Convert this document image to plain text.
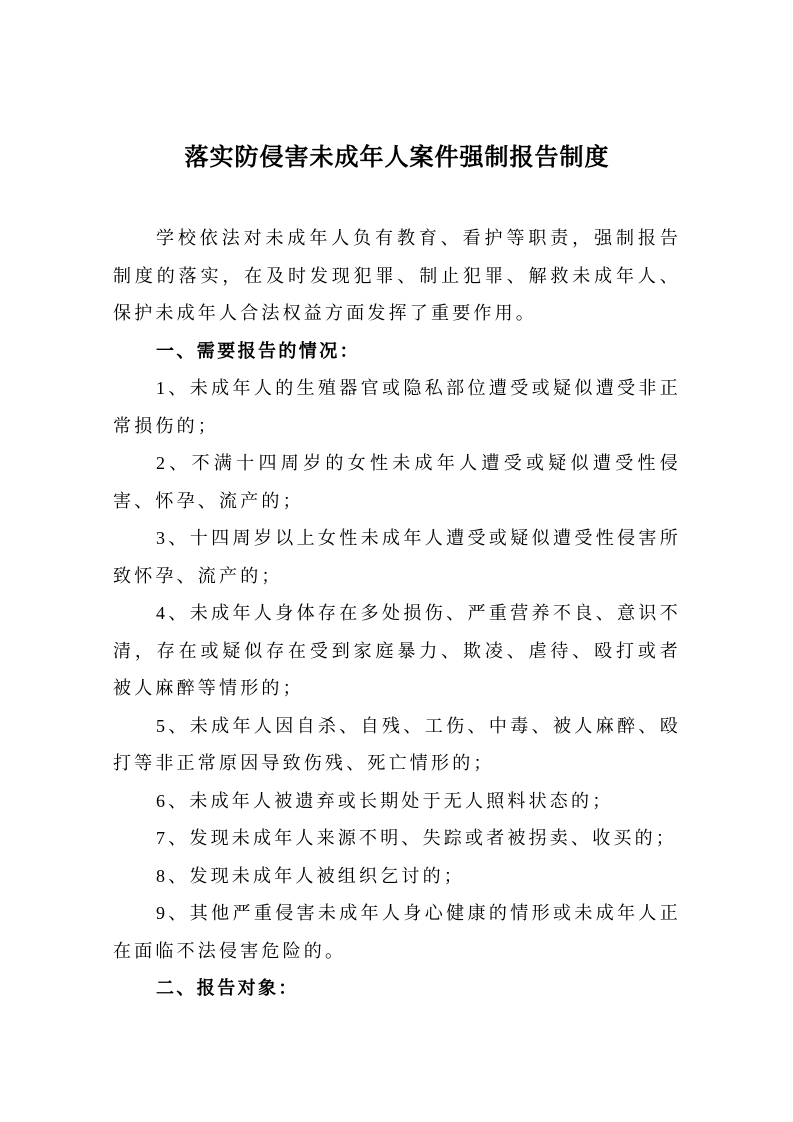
落实防侵害未成年人案件强制报告制度

学校依法对未成年人负有教育、看护等职责，强制报告制度的落实，在及时发现犯罪、制止犯罪、解救未成年人、保护未成年人合法权益方面发挥了重要作用。

一、需要报告的情况：

1、未成年人的生殖器官或隐私部位遭受或疑似遭受非正常损伤的；

2、不满十四周岁的女性未成年人遭受或疑似遭受性侵害、怀孕、流产的；

3、十四周岁以上女性未成年人遭受或疑似遭受性侵害所致怀孕、流产的；

4、未成年人身体存在多处损伤、严重营养不良、意识不清，存在或疑似存在受到家庭暴力、欺凌、虐待、殴打或者被人麻醉等情形的；

5、未成年人因自杀、自残、工伤、中毒、被人麻醉、殴打等非正常原因导致伤残、死亡情形的；

6、未成年人被遗弃或长期处于无人照料状态的；

7、发现未成年人来源不明、失踪或者被拐卖、收买的；

8、发现未成年人被组织乞讨的；

9、其他严重侵害未成年人身心健康的情形或未成年人正在面临不法侵害危险的。

二、报告对象：
